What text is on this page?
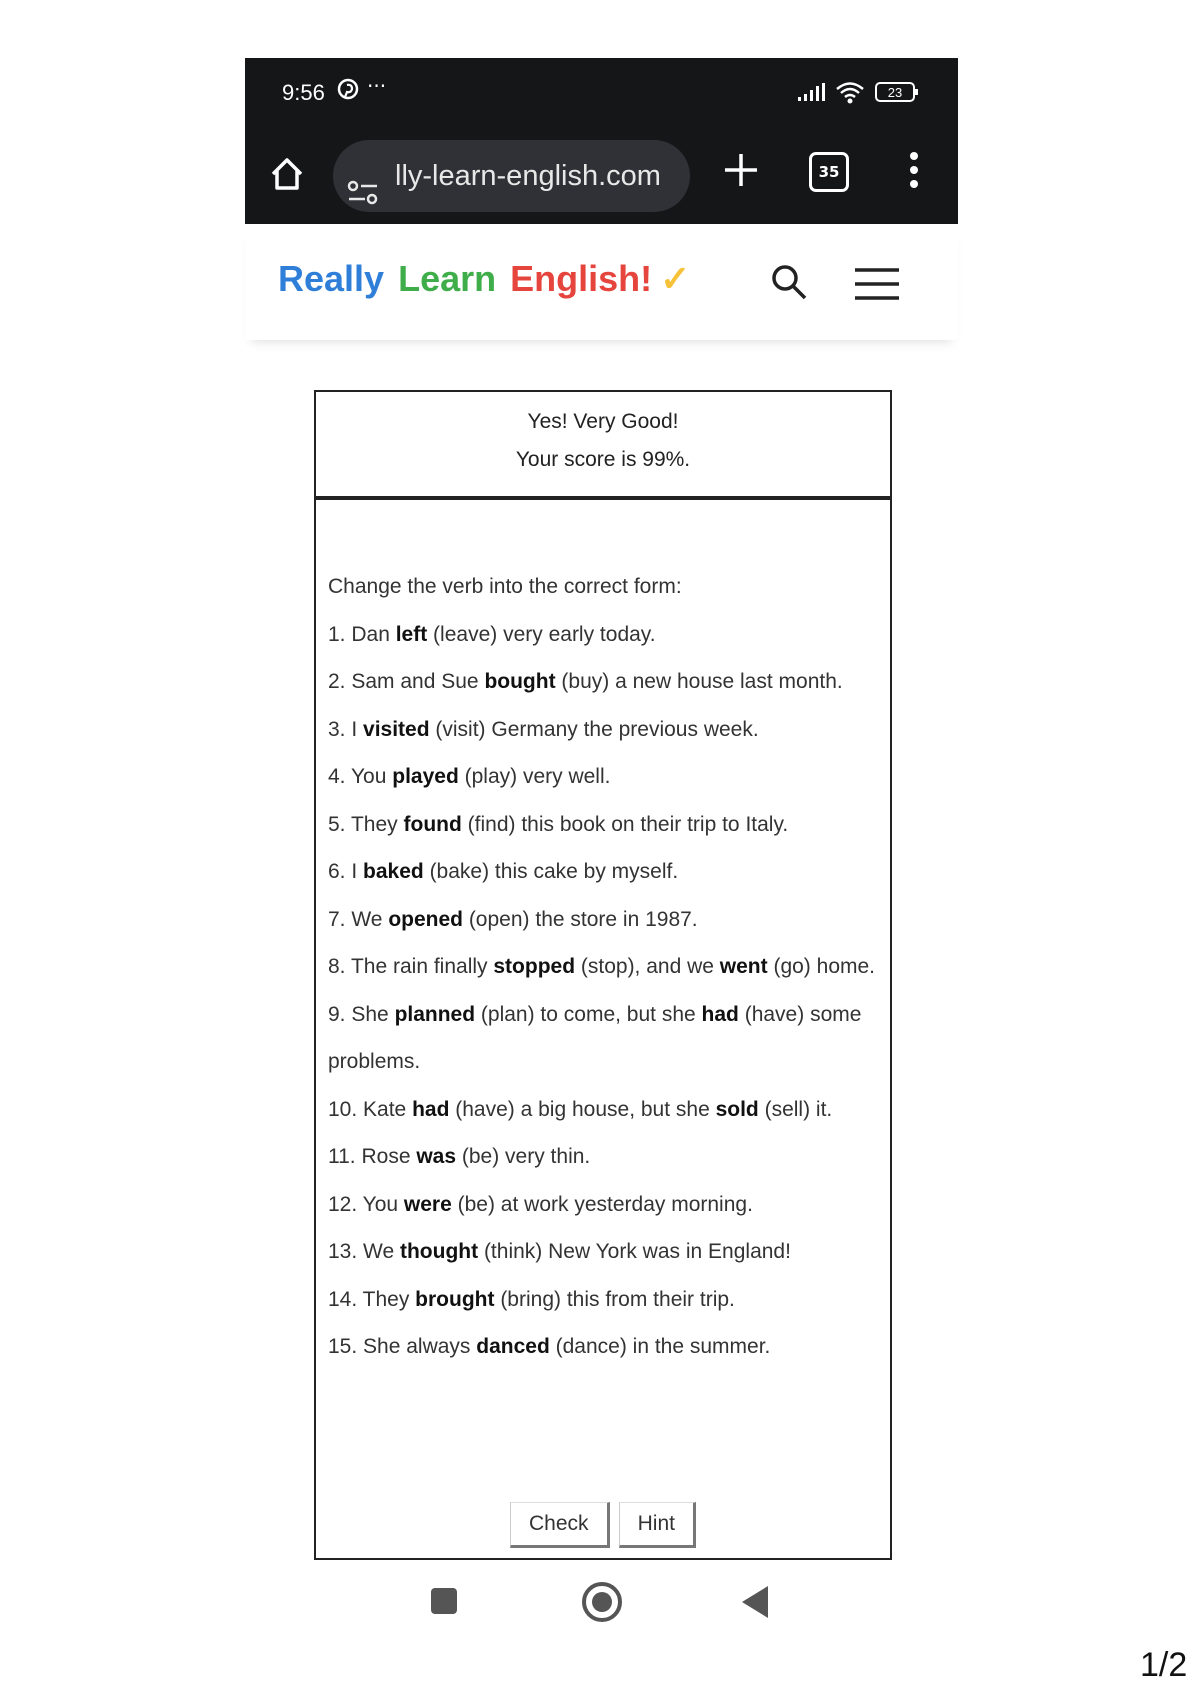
9:56 ···	23
lly-learn-english.com	35
Really Learn English! ✓
Yes! Very Good!
Your score is 99%.
Change the verb into the correct form:
1. Dan left (leave) very early today.
2. Sam and Sue bought (buy) a new house last month.
3. I visited (visit) Germany the previous week.
4. You played (play) very well.
5. They found (find) this book on their trip to Italy.
6. I baked (bake) this cake by myself.
7. We opened (open) the store in 1987.
8. The rain finally stopped (stop), and we went (go) home.
9. She planned (plan) to come, but she had (have) some problems.
10. Kate had (have) a big house, but she sold (sell) it.
11. Rose was (be) very thin.
12. You were (be) at work yesterday morning.
13. We thought (think) New York was in England!
14. They brought (bring) this from their trip.
15. She always danced (dance) in the summer.
Check Hint
1/2
